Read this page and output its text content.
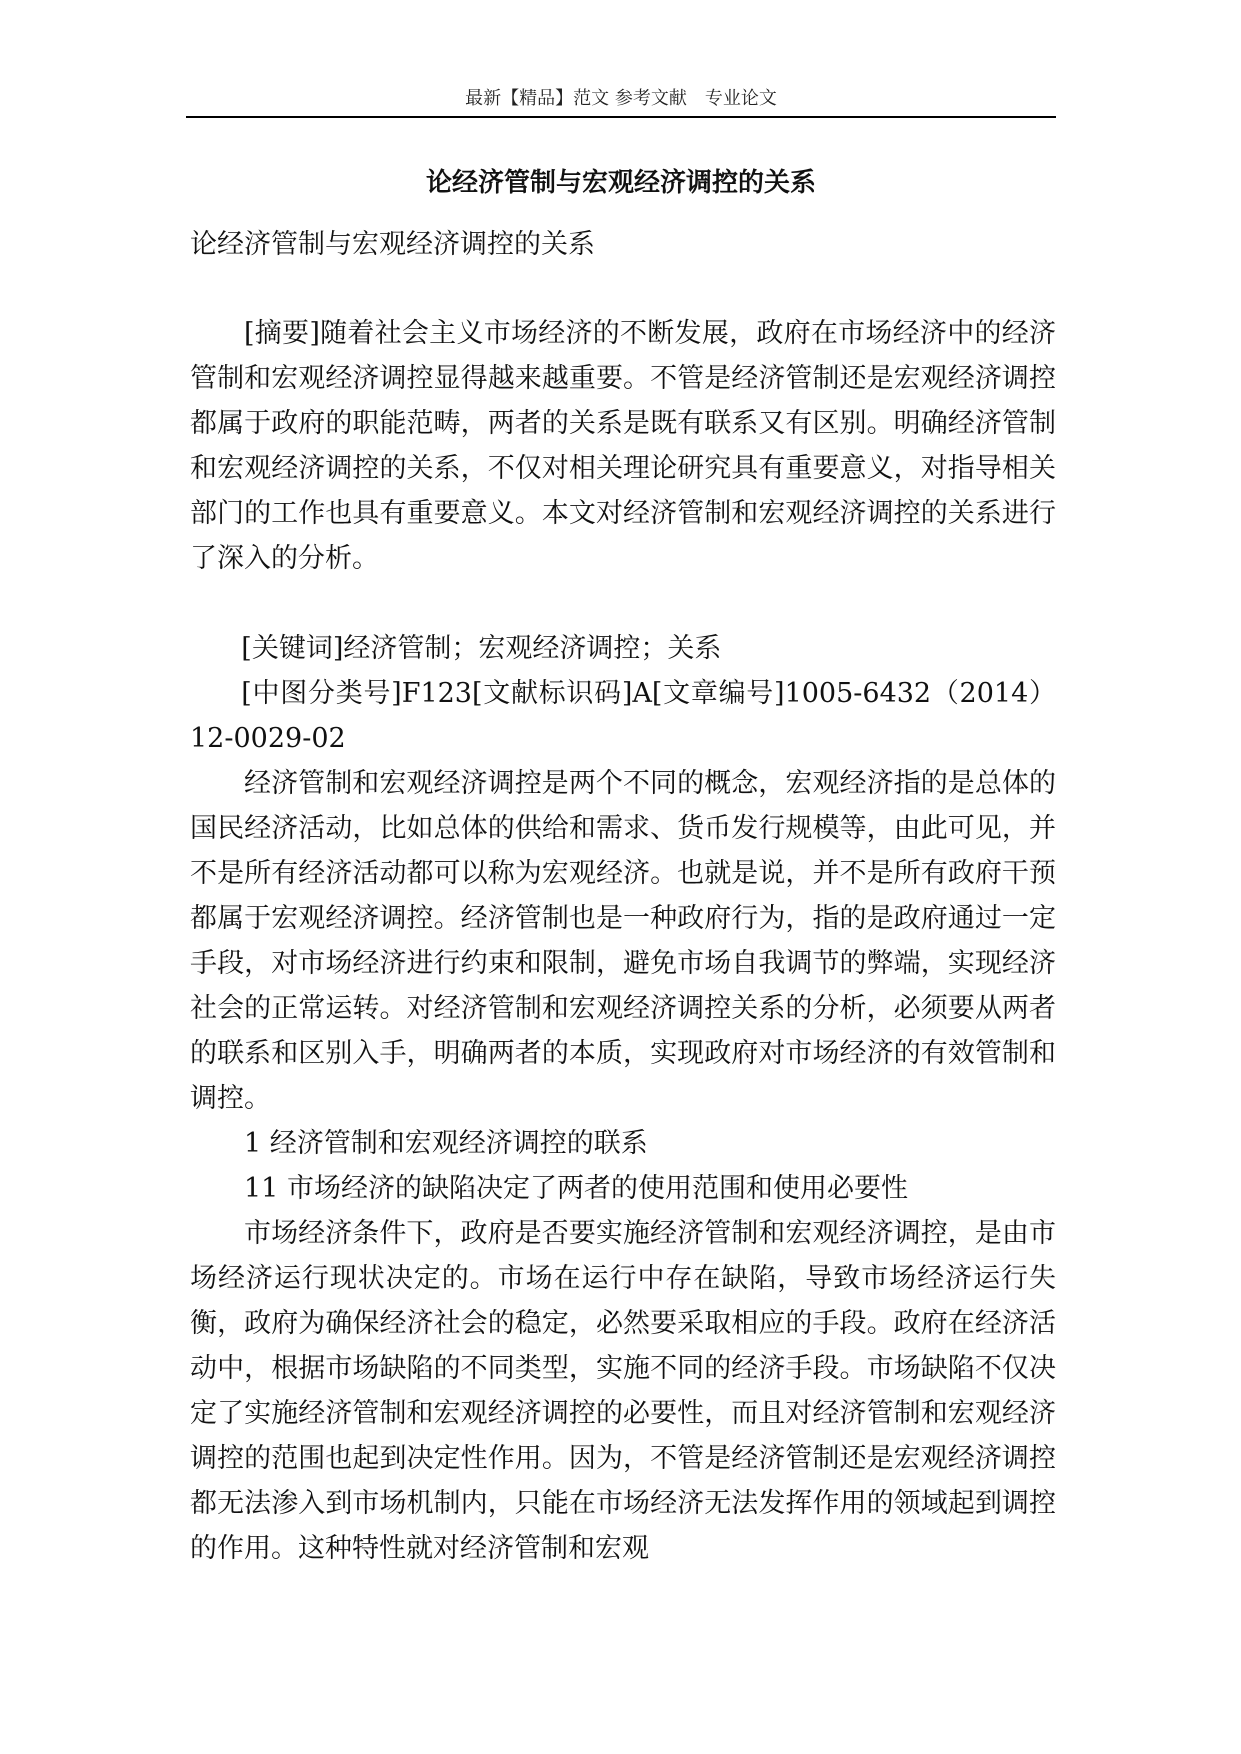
最新【精品】范文 参考文献　专业论文
论经济管制与宏观经济调控的关系

论经济管制与宏观经济调控的关系

[摘要]随着社会主义市场经济的不断发展，政府在市场经济中的经济管制和宏观经济调控显得越来越重要。不管是经济管制还是宏观经济调控都属于政府的职能范畴，两者的关系是既有联系又有区别。明确经济管制和宏观经济调控的关系，不仅对相关理论研究具有重要意义，对指导相关部门的工作也具有重要意义。本文对经济管制和宏观经济调控的关系进行了深入的分析。

[关键词]经济管制；宏观经济调控；关系

[中图分类号]F123[文献标识码]A[文章编号]1005-6432（2014）12-0029-02

经济管制和宏观经济调控是两个不同的概念，宏观经济指的是总体的国民经济活动，比如总体的供给和需求、货币发行规模等，由此可见，并不是所有经济活动都可以称为宏观经济。也就是说，并不是所有政府干预都属于宏观经济调控。经济管制也是一种政府行为，指的是政府通过一定手段，对市场经济进行约束和限制，避免市场自我调节的弊端，实现经济社会的正常运转。对经济管制和宏观经济调控关系的分析，必须要从两者的联系和区别入手，明确两者的本质，实现政府对市场经济的有效管制和调控。

1 经济管制和宏观经济调控的联系

11 市场经济的缺陷决定了两者的使用范围和使用必要性

市场经济条件下，政府是否要实施经济管制和宏观经济调控，是由市场经济运行现状决定的。市场在运行中存在缺陷，导致市场经济运行失衡，政府为确保经济社会的稳定，必然要采取相应的手段。政府在经济活动中，根据市场缺陷的不同类型，实施不同的经济手段。市场缺陷不仅决定了实施经济管制和宏观经济调控的必要性，而且对经济管制和宏观经济调控的范围也起到决定性作用。因为，不管是经济管制还是宏观经济调控都无法渗入到市场机制内，只能在市场经济无法发挥作用的领域起到调控的作用。这种特性就对经济管制和宏观
